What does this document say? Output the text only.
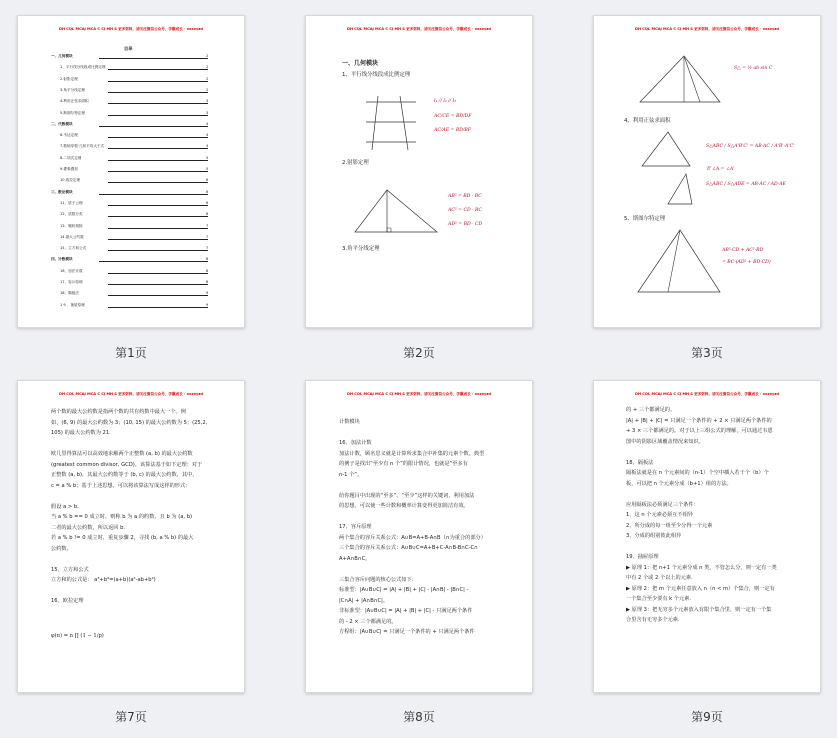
DH CQL MCAJ MCA C CJ MH S 更多资料，请关注微信公众号，学霸成长 · xxxxyzd
目录
一、几何模块	2
1、平行线分线段成比例定理	2
2.射影定理	2
3.角平分线定理	2
4.利用正弦求面积	3
5.斯图尔特定理	3
二、代数模块	4
6.韦达定理	4
7.数轴穿根·几何平均大于式	4
8.二项式定理	5
9.叠乘叠加	5
10.欧拉定理	6
三、数论模块	6
11、质子公理	6
12、质数分类	6
13、辗转相除	7
14.最大公约数	7
15、立方和公式	7
四、计数模块	8
16、加法计数	8
17、容斥原理	8
18、隔板法	9
1 9 、抽屉原理	9
第1页
DH CQL MCAJ MCA C CJ MH S 更多资料，请关注微信公众号，学霸成长 · xxxxyzd
一、几何模块
1、平行线分线段成比例定理
l₁ // l₂ // l₃
AC/CE = BD/DF
AC/AE = BD/BF
2.射影定理
AB² = BD · BC
AC² = CD · BC
AD² = BD · CD
3.角平分线定理
第2页
DH CQL MCAJ MCA C CJ MH S 更多资料，请关注微信公众号，学霸成长 · xxxxyzd
S△ = ½ ab sin C
4、利用正弦求面积
S△ABC / S△A'B'C' = AB·AC / A'B'·A'C'
若 ∠A = ∠A'
S△ABC / S△ADE = AB·AC / AD·AE
5、斯图尔特定理
AB²·CD + AC²·BD
= BC·(AD² + BD·CD)
第3页
DH CQL MCAJ MCA C CJ MH S 更多资料，请关注微信公众号，学霸成长 · xxxxyzd
两个数的最大公约数是指两个数的共有约数中最大一个。例
如，(6, 9) 的最大公约数为 3；(10, 15) 的最大公约数为 5；(25,2,
105) 的最大公约数为 21.
欧几里得算法可以高效地求解两个正整数 (a, b) 的最大公约数
(greatest common divisor, GCD)。该算法基于如下定理：对于
正整数 (a, b)，其最大公约数等于 (b, c) 的最大公约数，其中，
c = a % b；基于上述思想，可以将该算法写成这样的形式：
假设 a > b.
当 a % b == 0 成立时，则称 b 为 a 的约数，且 b 为 (a, b)
二者的最大公约数，所以返回 b.
若 a % b != 0 成立时，重复步骤 2，寻找 (b, a % b) 的最大
公约数。
15、立方和公式
立方和的公式是： a³+b³=(a+b)(a²-ab+b²)
16、欧拉定理
φ(n) = n ∏ (1 − 1/p)
第7页
DH CQL MCAJ MCA C CJ MH S 更多资料，请关注微信公众号，学霸成长 · xxxxyzd
计数模块
16、加法计数
加法计数，顾名思义就是计算所求集合中补集的元素个数。典型
的例子是找出“至少有 n 个”的限计情况，也就是“至多有
n-1 个”。
给你题目中出现的“至多”、“至少”这样的关键词，利用加法
的思想，可以使一些计数和概率计算变得更加简洁有效。
17、容斥原理
两个集合的容斥关系公式：A∪B=A+B-A∩B（∩为重合的部分）
三个集合的容斥关系公式：A∪B∪C=A+B+C-A∩B-B∩C-C∩
A+A∩B∩C。
三集合容斥问题的核心公式如下：
标准型：|A∪B∪C| = |A| + |B| + |C| - |A∩B| - |B∩C| -
|C∩A| + |A∩B∩C|。
非标准型：|A∪B∪C| = |A| + |B| + |C| - 只满足两个条件
的 - 2 × 三个都满足的。
方程组：|A∪B∪C| = 只满足一个条件的 + 只满足两个条件
第8页
DH CQL MCAJ MCA C CJ MH S 更多资料，请关注微信公众号，学霸成长 · xxxxyzd
的 + 三个都满足的。
|A| + |B| + |C| = 只满足一个条件的 + 2 × 只满足两个条件的
+ 3 × 三个都满足的。对于以上三组公式的理解，可以通过韦恩
图中的阴影区域覆盖情况来知识。
18、隔板法
隔板法就是在 n 个元素间的（n-1）个空中插入若干个（b）个
板，可以把 n 个元素分成（b+1）组的方法。
应用隔板法必须满足三个条件：
1、这 n 个元素必须互不相异
2、所分成的每一组至少分得一个元素
3、分成的组别彼此相异
19、抽屉原理
▶ 原理 1：把 n+1 个元素分成 n 类，不管怎么分，则一定有一类
中有 2 个或 2 个以上的元素.
▶ 原理 2：把 m 个元素任意放入 n（n < m）个集合，则一定有
一个集合至少要有 k 个元素.
▶ 原理 3：把无穷多个元素放入有限个集合里，则一定有一个集
合里含有无穷多个元素.
第9页
